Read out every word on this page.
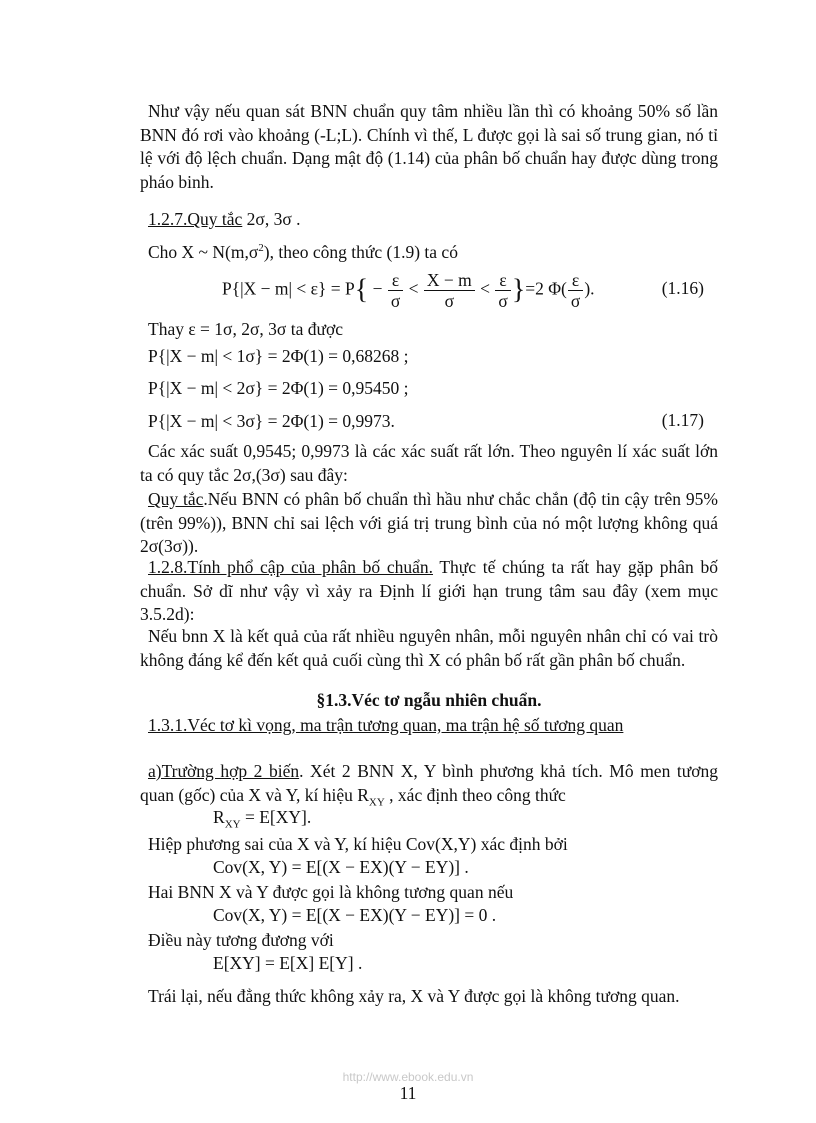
Như vậy nếu quan sát BNN chuẩn quy tâm nhiều lần thì có khoảng 50% số lần BNN đó rơi vào khoảng (-L;L). Chính vì thế, L được gọi là sai số trung gian, nó tỉ lệ với độ lệch chuẩn. Dạng mật độ (1.14) của phân bố chuẩn hay được dùng trong pháo binh.
1.2.7.Quy tắc 2σ, 3σ .
Cho X ~ $N(m,\sigma^2)$, theo công thức (1.9) ta có
$P\{|X - m| < \varepsilon\} = P\{ - \frac{\varepsilon}{\sigma} < \frac{X - m}{\sigma} < \frac{\varepsilon}{\sigma} \}=2$ $\Phi( \frac{\varepsilon}{\sigma}$ ).	(1.16)
Thay ε = 1σ, 2σ, 3σ ta được
P{|X − m| < 1σ} = 2Φ(1) = 0,68268 ;
P{|X − m| < 2σ} = 2Φ(1) = 0,95450 ;
P{|X − m| < 3σ} = 2Φ(1) = 0,9973.	(1.17)
Các xác suất 0,9545; 0,9973 là các xác suất rất lớn. Theo nguyên lí xác suất lớn ta có quy tắc 2σ,(3σ) sau đây:
Quy tắc.Nếu BNN có phân bố chuẩn thì hầu như chắc chắn (độ tin cậy trên 95%(trên 99%)), BNN chỉ sai lệch với giá trị trung bình của nó một lượng không quá 2σ(3σ)).
1.2.8.Tính phổ cập của phân bố chuẩn. Thực tế chúng ta rất hay gặp phân bố chuẩn. Sở dĩ như vậy vì xảy ra Định lí giới hạn trung tâm sau đây (xem mục 3.5.2d):
Nếu bnn X là kết quả của rất nhiều nguyên nhân, mỗi nguyên nhân chỉ có vai trò không đáng kể đến kết quả cuối cùng thì X có phân bố rất gần phân bố chuẩn.
§1.3.Véc tơ ngẫu nhiên chuẩn.
1.3.1.Véc tơ kì vọng, ma trận tương quan, ma trận hệ số tương quan
a)Trường hợp 2 biến. Xét 2 BNN X, Y bình phương khả tích. Mô men tương quan (gốc) của X và Y, kí hiệu $R_{XY}$ , xác định theo công thức
$R_{XY} = E[XY]$.
Hiệp phương sai của X và Y, kí hiệu Cov(X,Y) xác định bởi
Cov(X, Y) = E[(X − EX)(Y − EY)] .
Hai BNN X và Y được gọi là không tương quan nếu
Cov(X, Y) = E[(X − EX)(Y − EY)] = 0 .
Điều này tương đương với
E[XY] = E[X] E[Y] .
Trái lại, nếu đẳng thức không xảy ra, X và Y được gọi là không tương quan.
http://www.ebook.edu.vn
11
